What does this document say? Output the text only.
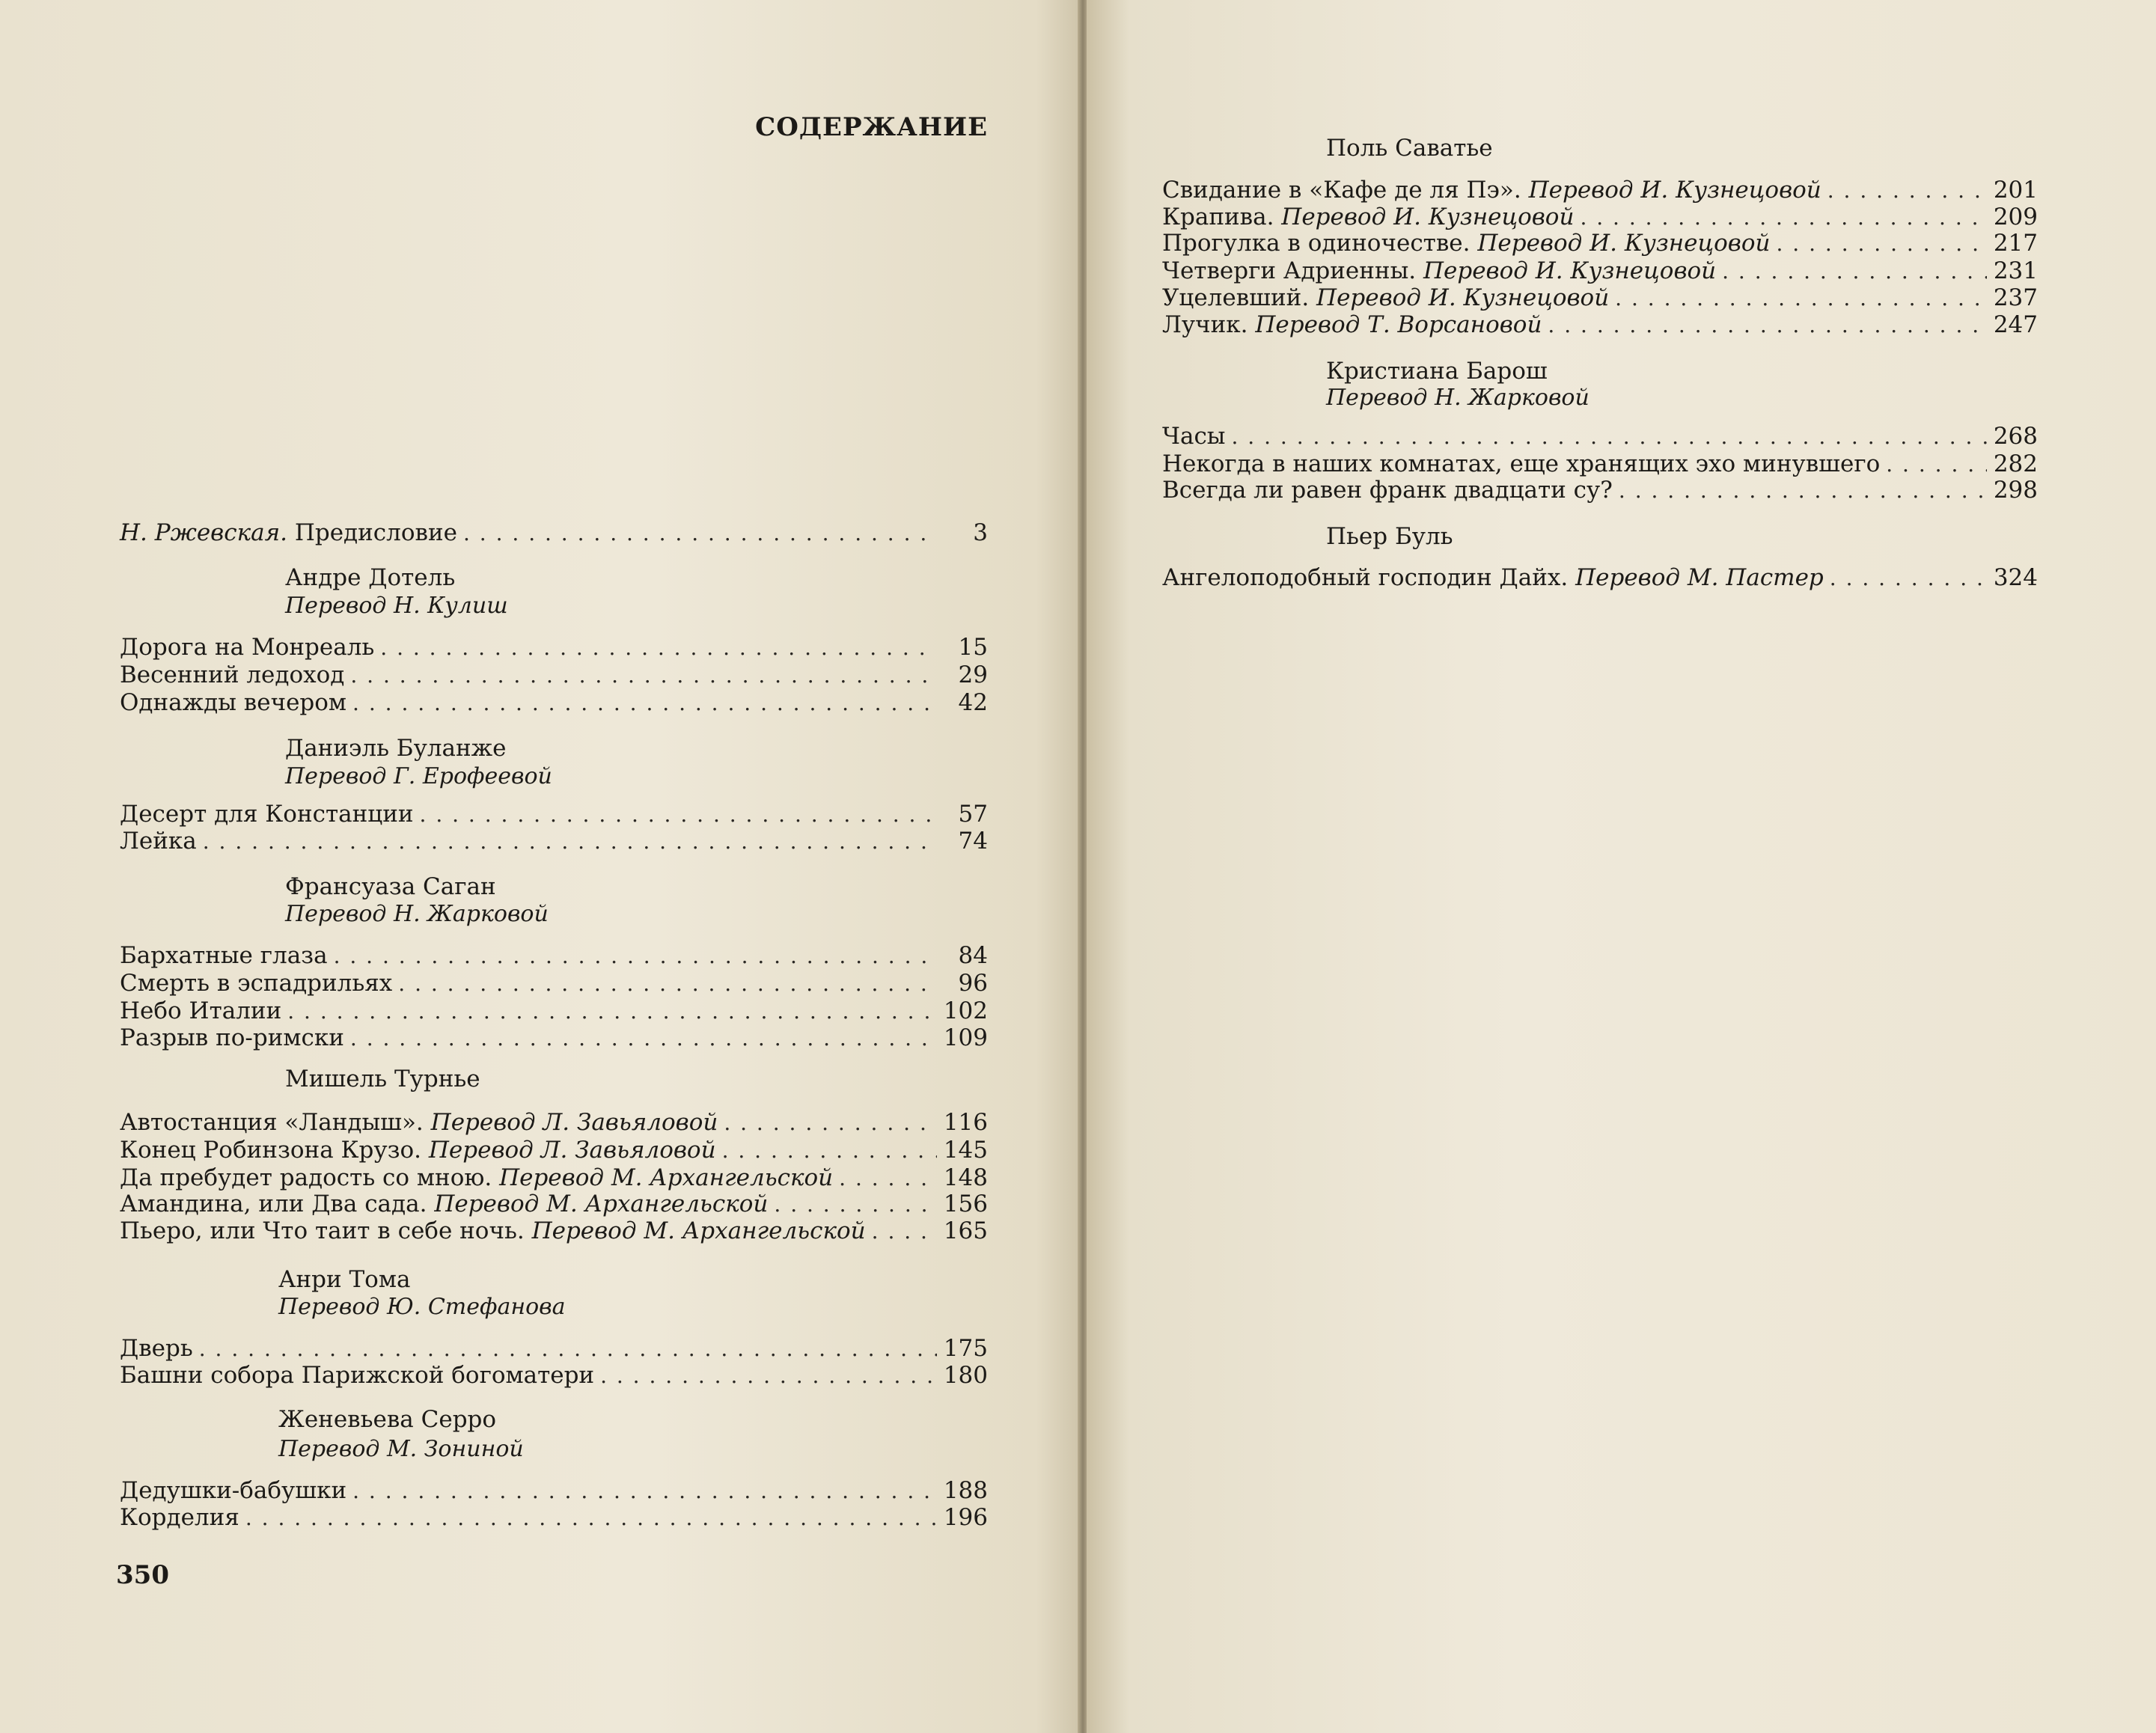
СОДЕРЖАНИЕ
Н. Ржевская. Предисловие . . .	3
Андре Дотель
Перевод Н. Кулиш
Дорога на Монреаль . . .	15
Весенний ледоход . . .	29
Однажды вечером . . .	42
Даниэль Буланже
Перевод Г. Ерофеевой
Десерт для Констанции . . .	57
Лейка . . .	74
Франсуаза Саган
Перевод Н. Жарковой
Бархатные глаза . . .	84
Смерть в эспадрильях . . .	96
Небо Италии . . .	102
Разрыв по-римски . . .	109
Мишель Турнье
Автостанция «Ландыш». Перевод Л. Завьяловой . . .	116
Конец Робинзона Крузо. Перевод Л. Завьяловой . . .	145
Да пребудет радость со мною. Перевод М. Архангельской . . .	148
Амандина, или Два сада. Перевод М. Архангельской . . .	156
Пьеро, или Что таит в себе ночь. Перевод М. Архангельской . . .	165
Анри Тома
Перевод Ю. Стефанова
Дверь . . .	175
Башни собора Парижской богоматери . . .	180
Женевьева Серро
Перевод М. Зониной
Дедушки-бабушки . . .	188
Корделия . . .	196
350
Поль Саватье
Свидание в «Кафе де ля Пэ». Перевод И. Кузнецовой . . .	201
Крапива. Перевод И. Кузнецовой . . .	209
Прогулка в одиночестве. Перевод И. Кузнецовой . . .	217
Четверги Адриенны. Перевод И. Кузнецовой . . .	231
Уцелевший. Перевод И. Кузнецовой . . .	237
Лучик. Перевод Т. Ворсановой . . .	247
Кристиана Барош
Перевод Н. Жарковой
Часы . . .	268
Некогда в наших комнатах, еще хранящих эхо минувшего . . .	282
Всегда ли равен франк двадцати су? . . .	298
Пьер Буль
Ангелоподобный господин Дайх. Перевод М. Пастер . . .	324
